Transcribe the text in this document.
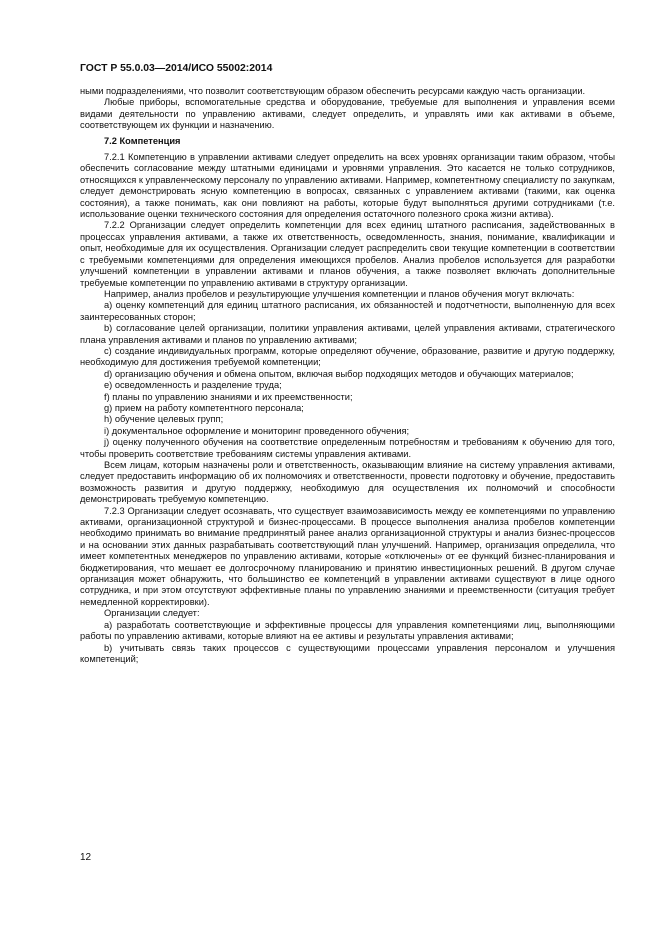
ГОСТ Р 55.0.03—2014/ИСО 55002:2014

ными подразделениями, что позволит соответствующим образом обеспечить ресурсами каждую часть организации.

Любые приборы, вспомогательные средства и оборудование, требуемые для выполнения и управления всеми видами деятельности по управлению активами, следует определить, и управлять ими как активами в объеме, соответствующем их функции и назначению.

7.2 Компетенция

7.2.1 Компетенцию в управлении активами следует определить на всех уровнях организации таким образом, чтобы обеспечить согласование между штатными единицами и уровнями управления. Это касается не только сотрудников, относящихся к управленческому персоналу по управлению активами. Например, компетентному специалисту по закупкам, следует демонстрировать ясную компетенцию в вопросах, связанных с управлением активами (такими, как оценка состояния), а также понимать, как они повлияют на работы, которые будут выполняться другими сотрудниками (т.е. использование оценки технического состояния для определения остаточного полезного срока жизни актива).

7.2.2 Организации следует определить компетенции для всех единиц штатного расписания, задействованных в процессах управления активами, а также их ответственность, осведомленность, знания, понимание, квалификации и опыт, необходимые для их осуществления. Организации следует распределить свои текущие компетенции в соответствии с требуемыми компетенциями для определения имеющихся пробелов. Анализ пробелов используется для разработки улучшений компетенции в управлении активами и планов обучения, а также позволяет включать дополнительные требуемые компетенции по управлению активами в структуру организации.

Например, анализ пробелов и результирующие улучшения компетенции и планов обучения могут включать:

a) оценку компетенций для единиц штатного расписания, их обязанностей и подотчетности, выполненную для всех заинтересованных сторон;

b) согласование целей организации, политики управления активами, целей управления активами, стратегического плана управления активами и планов по управлению активами;

c) создание индивидуальных программ, которые определяют обучение, образование, развитие и другую поддержку, необходимую для достижения требуемой компетенции;

d) организацию обучения и обмена опытом, включая выбор подходящих методов и обучающих материалов;

e) осведомленность и разделение труда;

f) планы по управлению знаниями и их преемственности;

g) прием на работу компетентного персонала;

h) обучение целевых групп;

i) документальное оформление и мониторинг проведенного обучения;

j) оценку полученного обучения на соответствие определенным потребностям и требованиям к обучению для того, чтобы проверить соответствие требованиям системы управления активами.

Всем лицам, которым назначены роли и ответственность, оказывающим влияние на систему управления активами, следует предоставить информацию об их полномочиях и ответственности, провести подготовку и обучение, предоставить возможность развития и другую поддержку, необходимую для осуществления их полномочий и способности демонстрировать требуемую компетенцию.

7.2.3 Организации следует осознавать, что существует взаимозависимость между ее компетенциями по управлению активами, организационной структурой и бизнес-процессами. В процессе выполнения анализа пробелов компетенции необходимо принимать во внимание предпринятый ранее анализ организационной структуры и анализ бизнес-процессов и на основании этих данных разрабатывать соответствующий план улучшений. Например, организация определила, что имеет компетентных менеджеров по управлению активами, которые «отключены» от ее функций бизнес-планирования и бюджетирования, что мешает ее долгосрочному планированию и принятию инвестиционных решений. В другом случае организация может обнаружить, что большинство ее компетенций в управлении активами существуют в лице одного сотрудника, и при этом отсутствуют эффективные планы по управлению знаниями и преемственности (ситуация требует немедленной корректировки).

Организации следует:

a) разработать соответствующие и эффективные процессы для управления компетенциями лиц, выполняющими работы по управлению активами, которые влияют на ее активы и результаты управления активами;

b) учитывать связь таких процессов с существующими процессами управления персоналом и улучшения компетенций;

12
